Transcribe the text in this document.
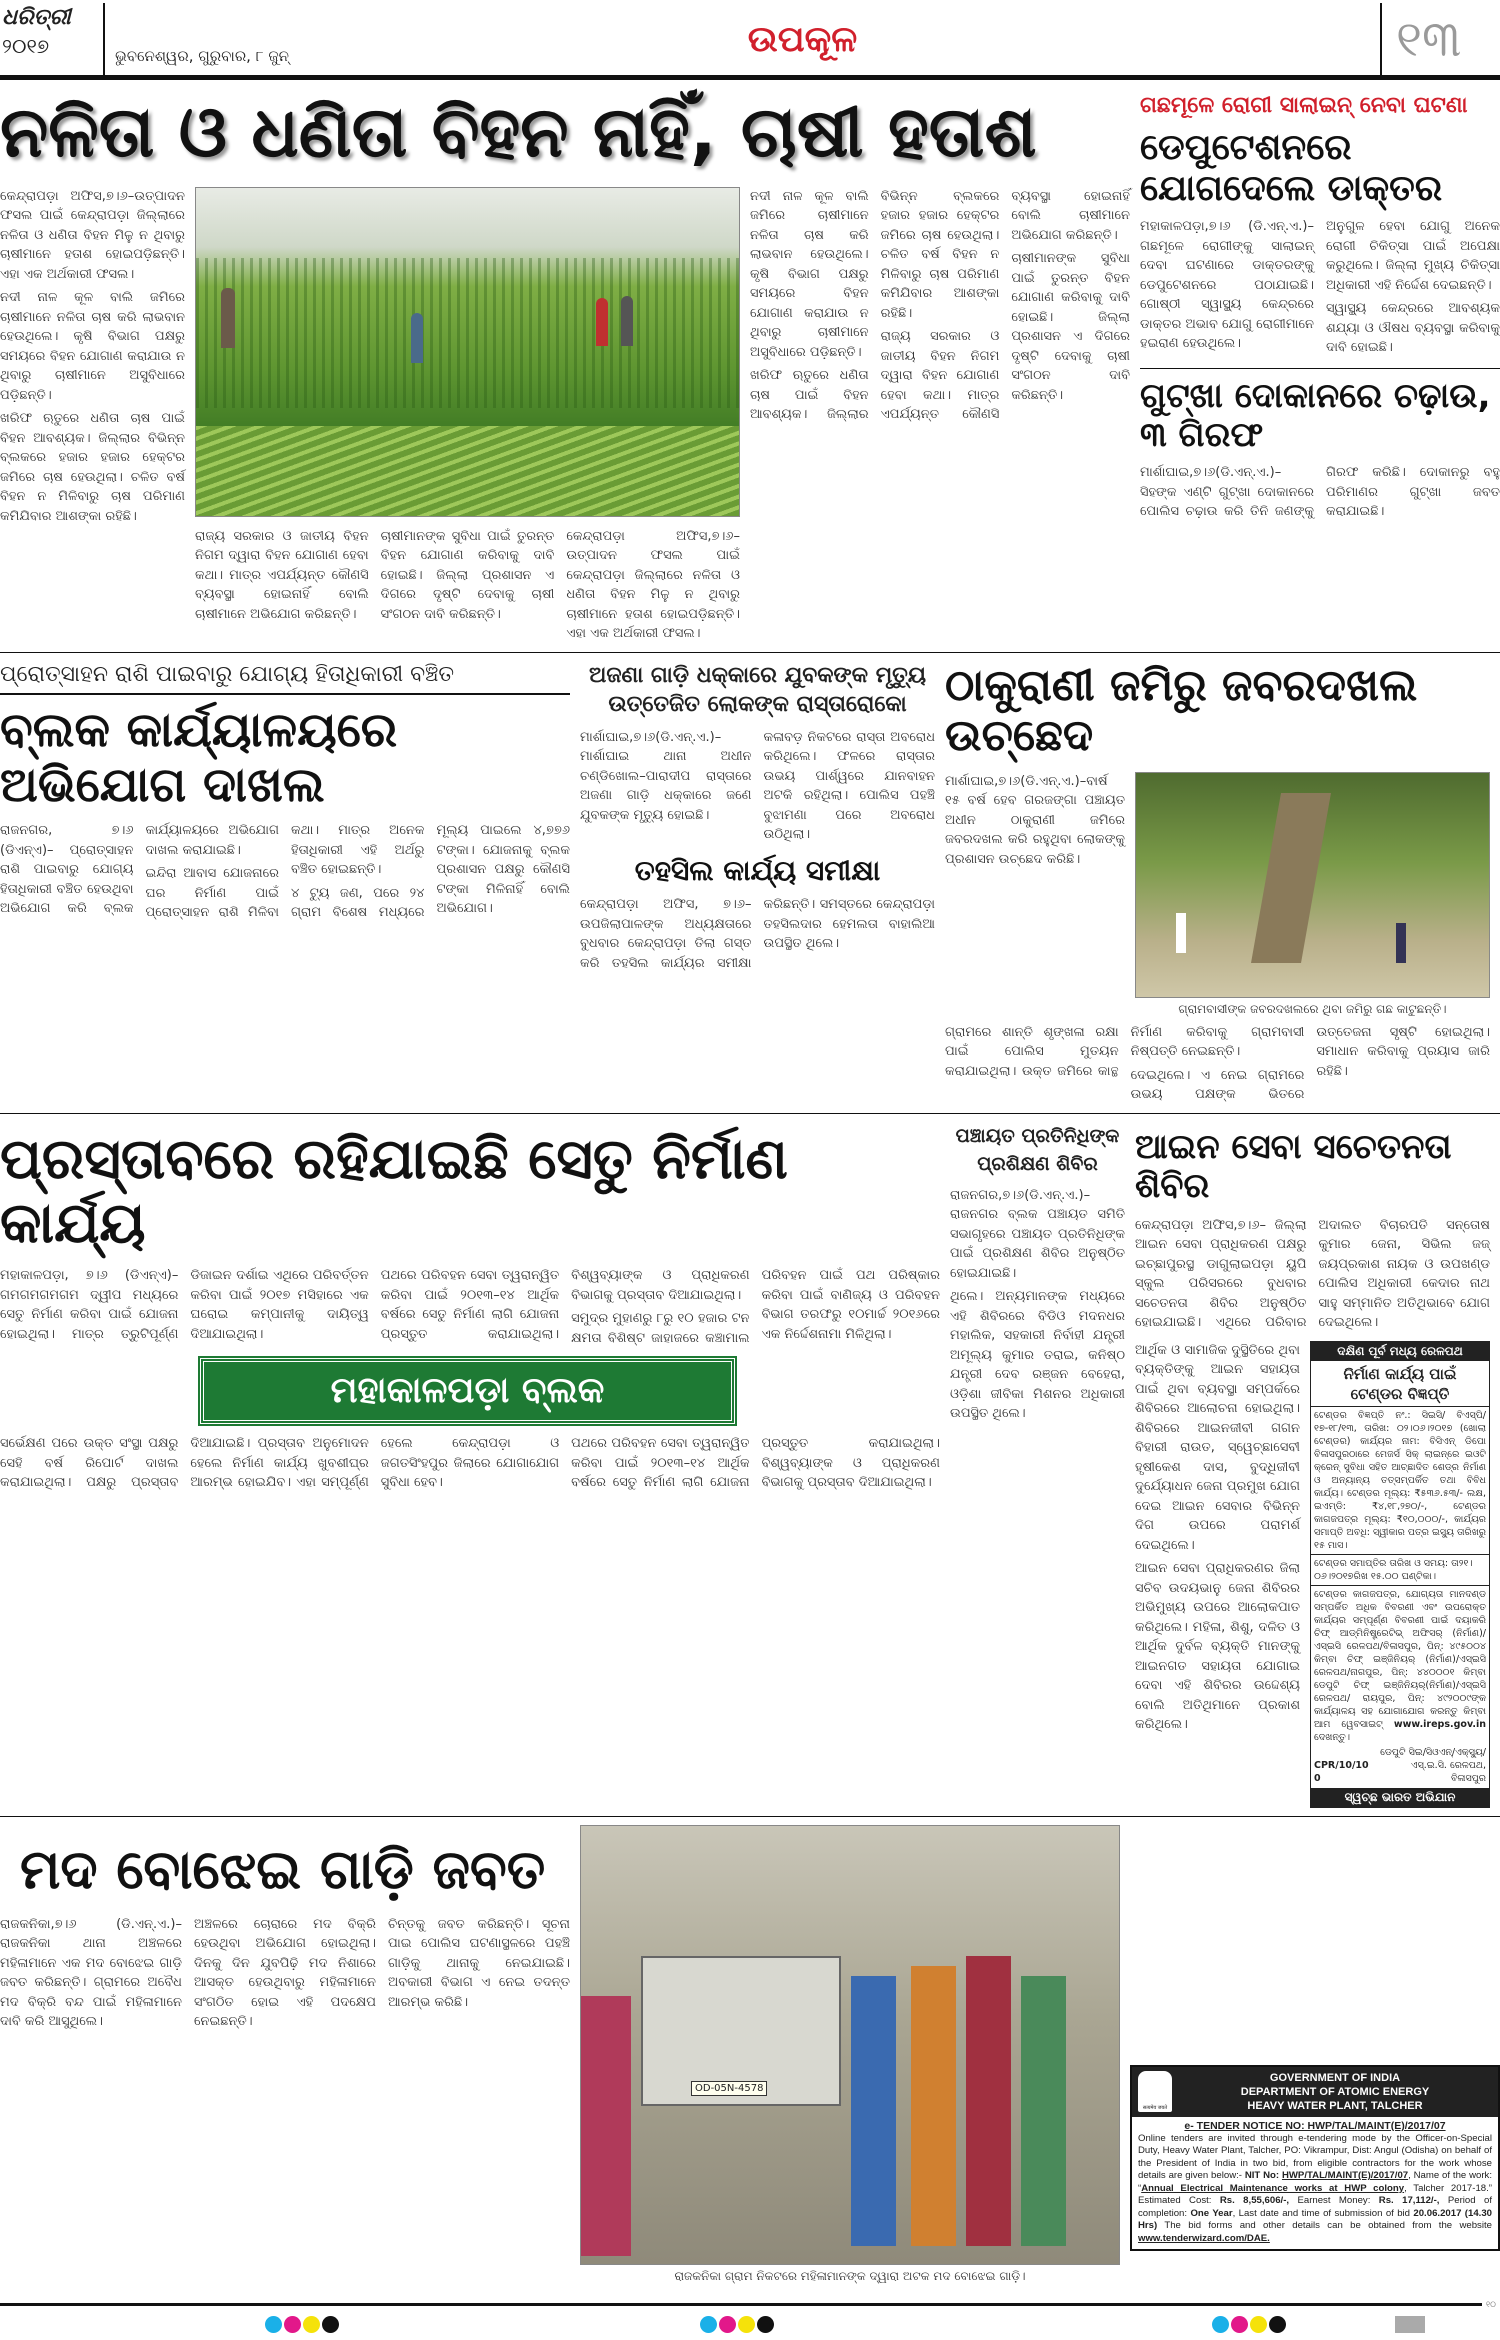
ଧରିତ୍ରୀ
୨୦୧୭	ଭୁବନେଶ୍ୱର, ଗୁରୁବାର, ୮ ଜୁନ୍	ଉପକୂଳ	୧୩
ନଳିତା ଓ ଧଣିତା ବିହନ ନାହିଁ, ଚାଷୀ ହତାଶ

କେନ୍ଦ୍ରାପଡ଼ା ଅଫିସ,୭।୬–ଉତ୍ପାଦନ ଫସଲ ପାଇଁ କେନ୍ଦ୍ରାପଡ଼ା ଜିଲ୍ଲାରେ ନଳିତା ଓ ଧଣିତା ବିହନ ମିଳୁ ନ ଥିବାରୁ ଚାଷୀମାନେ ହତାଶ ହୋଇପଡ଼ିଛନ୍ତି। ଏହା ଏକ ଅର୍ଥକାରୀ ଫସଲ।

ନଦୀ ନାଳ କୂଳ ବାଲି ଜମିରେ ଚାଷୀମାନେ ନଳିତା ଚାଷ କରି ଲାଭବାନ ହେଉଥିଲେ। କୃଷି ବିଭାଗ ପକ୍ଷରୁ ସମୟରେ ବିହନ ଯୋଗାଣ କରାଯାଉ ନ ଥିବାରୁ ଚାଷୀମାନେ ଅସୁବିଧାରେ ପଡ଼ିଛନ୍ତି।

ଖରିଫ ଋତୁରେ ଧଣିତା ଚାଷ ପାଇଁ ବିହନ ଆବଶ୍ୟକ। ଜିଲ୍ଲାର ବିଭିନ୍ନ ବ୍ଲକରେ ହଜାର ହଜାର ହେକ୍ଟର ଜମିରେ ଚାଷ ହେଉଥିଲା। ଚଳିତ ବର୍ଷ ବିହନ ନ ମିଳିବାରୁ ଚାଷ ପରିମାଣ କମିଯିବାର ଆଶଙ୍କା ରହିଛି।

ରାଜ୍ୟ ସରକାର ଓ ଜାତୀୟ ବିହନ ନିଗମ ଦ୍ୱାରା ବିହନ ଯୋଗାଣ ହେବା କଥା। ମାତ୍ର ଏପର୍ଯ୍ୟନ୍ତ କୌଣସି ବ୍ୟବସ୍ଥା ହୋଇନାହିଁ ବୋଲି ଚାଷୀମାନେ ଅଭିଯୋଗ କରିଛନ୍ତି।

ଚାଷୀମାନଙ୍କ ସୁବିଧା ପାଇଁ ତୁରନ୍ତ ବିହନ ଯୋଗାଣ କରିବାକୁ ଦାବି ହୋଇଛି। ଜିଲ୍ଲା ପ୍ରଶାସନ ଏ ଦିଗରେ ଦୃଷ୍ଟି ଦେବାକୁ ଚାଷୀ ସଂଗଠନ ଦାବି କରିଛନ୍ତି।

କେନ୍ଦ୍ରାପଡ଼ା ଅଫିସ,୭।୬–ଉତ୍ପାଦନ ଫସଲ ପାଇଁ କେନ୍ଦ୍ରାପଡ଼ା ଜିଲ୍ଲାରେ ନଳିତା ଓ ଧଣିତା ବିହନ ମିଳୁ ନ ଥିବାରୁ ଚାଷୀମାନେ ହତାଶ ହୋଇପଡ଼ିଛନ୍ତି। ଏହା ଏକ ଅର୍ଥକାରୀ ଫସଲ।

ନଦୀ ନାଳ କୂଳ ବାଲି ଜମିରେ ଚାଷୀମାନେ ନଳିତା ଚାଷ କରି ଲାଭବାନ ହେଉଥିଲେ। କୃଷି ବିଭାଗ ପକ୍ଷରୁ ସମୟରେ ବିହନ ଯୋଗାଣ କରାଯାଉ ନ ଥିବାରୁ ଚାଷୀମାନେ ଅସୁବିଧାରେ ପଡ଼ିଛନ୍ତି।

ଖରିଫ ଋତୁରେ ଧଣିତା ଚାଷ ପାଇଁ ବିହନ ଆବଶ୍ୟକ। ଜିଲ୍ଲାର ବିଭିନ୍ନ ବ୍ଲକରେ ହଜାର ହଜାର ହେକ୍ଟର ଜମିରେ ଚାଷ ହେଉଥିଲା। ଚଳିତ ବର୍ଷ ବିହନ ନ ମିଳିବାରୁ ଚାଷ ପରିମାଣ କମିଯିବାର ଆଶଙ୍କା ରହିଛି।

ରାଜ୍ୟ ସରକାର ଓ ଜାତୀୟ ବିହନ ନିଗମ ଦ୍ୱାରା ବିହନ ଯୋଗାଣ ହେବା କଥା। ମାତ୍ର ଏପର୍ଯ୍ୟନ୍ତ କୌଣସି ବ୍ୟବସ୍ଥା ହୋଇନାହିଁ ବୋଲି ଚାଷୀମାନେ ଅଭିଯୋଗ କରିଛନ୍ତି।

ଚାଷୀମାନଙ୍କ ସୁବିଧା ପାଇଁ ତୁରନ୍ତ ବିହନ ଯୋଗାଣ କରିବାକୁ ଦାବି ହୋଇଛି। ଜିଲ୍ଲା ପ୍ରଶାସନ ଏ ଦିଗରେ ଦୃଷ୍ଟି ଦେବାକୁ ଚାଷୀ ସଂଗଠନ ଦାବି କରିଛନ୍ତି।

ଗଛମୂଳେ ରୋଗୀ ସାଲାଇନ୍ ନେବା ଘଟଣା
ଡେପୁଟେଶନରେ ଯୋଗଦେଲେ ଡାକ୍ତର

ମହାକାଳପଡ଼ା,୭।୬ (ଡି.ଏନ୍.ଏ.)– ଗଛମୂଳେ ରୋଗୀଙ୍କୁ ସାଲାଇନ୍ ଦେବା ଘଟଣାରେ ଡାକ୍ତରଙ୍କୁ ଡେପୁଟେଶନରେ ପଠାଯାଇଛି। ଗୋଷ୍ଠୀ ସ୍ୱାସ୍ଥ୍ୟ କେନ୍ଦ୍ରରେ ଡାକ୍ତର ଅଭାବ ଯୋଗୁ ରୋଗୀମାନେ ହଇରାଣ ହେଉଥିଲେ।

ଅନୁଗୁଳ ହେବା ଯୋଗୁ ଅନେକ ରୋଗୀ ଚିକିତ୍ସା ପାଇଁ ଅପେକ୍ଷା କରୁଥିଲେ। ଜିଲ୍ଲା ମୁଖ୍ୟ ଚିକିତ୍ସା ଅଧିକାରୀ ଏହି ନିର୍ଦ୍ଦେଶ ଦେଇଛନ୍ତି।

ସ୍ୱାସ୍ଥ୍ୟ କେନ୍ଦ୍ରରେ ଆବଶ୍ୟକ ଶଯ୍ୟା ଓ ଔଷଧ ବ୍ୟବସ୍ଥା କରିବାକୁ ଦାବି ହୋଇଛି।

ଗୁଟ୍‌ଖା ଦୋକାନରେ ଚଢ଼ାଉ, ୩ ଗିରଫ

ମାର୍ଶାଘାଇ,୭।୬(ଡି.ଏନ୍.ଏ.)– ସିହଙ୍କ ଏଣ୍ଟି ଗୁଟ୍‌ଖା ଦୋକାନରେ ପୋଲିସ ଚଢ଼ାଉ କରି ତିନି ଜଣଙ୍କୁ ଗିରଫ କରିଛି। ଦୋକାନରୁ ବହୁ ପରିମାଣର ଗୁଟ୍‌ଖା ଜବତ କରାଯାଇଛି।

ପ୍ରୋତ୍ସାହନ ରାଶି ପାଇବାରୁ ଯୋଗ୍ୟ ହିତାଧିକାରୀ ବଞ୍ଚିତ
ବ୍ଲକ କାର୍ଯ୍ୟାଳୟରେ ଅଭିଯୋଗ ଦାଖଲ

ରାଜନଗର, ୭।୬ (ଡିଏନ୍‌ଏ)– ପ୍ରୋତ୍ସାହନ ରାଶି ପାଇବାରୁ ଯୋଗ୍ୟ ହିତାଧିକାରୀ ବଞ୍ଚିତ ହେଉଥିବା ଅଭିଯୋଗ କରି ବ୍ଲକ କାର୍ଯ୍ୟାଳୟରେ ଅଭିଯୋଗ ଦାଖଲ କରାଯାଇଛି।

ଇନ୍ଦିରା ଆବାସ ଯୋଜନାରେ ଘର ନିର୍ମାଣ ପାଇଁ ପ୍ରୋତ୍ସାହନ ରାଶି ମିଳିବା କଥା। ମାତ୍ର ଅନେକ ହିତାଧିକାରୀ ଏହି ଅର୍ଥରୁ ବଞ୍ଚିତ ହୋଇଛନ୍ତି।

୪ ଟ୍ୟୁ ଜଣ, ପରେ ୨୪ ଗ୍ରାମ ବିଶେଷ ମଧ୍ୟରେ ମୂଲ୍ୟ ପାଇଲେ ୪,୭୭୬ ଟଙ୍କା। ଯୋଜନାକୁ ବ୍ଲକ ପ୍ରଶାସନ ପକ୍ଷରୁ କୌଣସି ଟଙ୍କା ମିଳିନାହିଁ ବୋଲି ଅଭିଯୋଗ।

ଅଜଣା ଗାଡ଼ି ଧକ୍କାରେ ଯୁବକଙ୍କ ମୃତ୍ୟୁ
ଉତ୍ତେଜିତ ଲୋକଙ୍କ ରାସ୍ତାରୋକୋ

ମାର୍ଶାଘାଇ,୭।୬(ଡି.ଏନ୍.ଏ.)– ମାର୍ଶାଘାଇ ଥାନା ଅଧୀନ ଚଣ୍ଡିଖୋଲ–ପାରାଦୀପ ରାସ୍ତାରେ ଅଜଣା ଗାଡ଼ି ଧକ୍କାରେ ଜଣେ ଯୁବକଙ୍କ ମୃତ୍ୟୁ ହୋଇଛି।

କଳାବଡ଼ ନିକଟରେ ରାସ୍ତା ଅବରୋଧ କରିଥିଲେ। ଫଳରେ ରାସ୍ତାର ଉଭୟ ପାର୍ଶ୍ୱରେ ଯାନବାହନ ଅଟକି ରହିଥିଲା। ପୋଲିସ ପହଞ୍ଚି ବୁଝାମଣା ପରେ ଅବରୋଧ ଉଠିଥିଲା।

ତହସିଲ କାର୍ଯ୍ୟ ସମୀକ୍ଷା

କେନ୍ଦ୍ରାପଡ଼ା ଅଫିସ, ୭।୬– ଉପଜିଲାପାଳଙ୍କ ଅଧ୍ୟକ୍ଷତାରେ ବୁଧବାର କେନ୍ଦ୍ରାପଡ଼ା ତିଲା ଗସ୍ତ କରି ତହସିଲ କାର୍ଯ୍ୟର ସମୀକ୍ଷା କରିଛନ୍ତି। ସମସ୍ତରେ କେନ୍ଦ୍ରାପଡ଼ା ତହସିଲଦାର ହେମଲତା ବାହାଲିଆ ଉପସ୍ଥିତ ଥିଲେ।

ଠାକୁରାଣୀ ଜମିରୁ ଜବରଦଖଲ ଉଚ୍ଛେଦ

ମାର୍ଶାଘାଇ,୭।୬(ଡି.ଏନ୍.ଏ.)–ବାର୍ଷ ୧୫ ବର୍ଷ ହେବ ଗରଜଙ୍ଗା ପଞ୍ଚାୟତ ଅଧୀନ ଠାକୁରାଣୀ ଜମିରେ ଜବରଦଖଲ କରି ରହୁଥିବା ଲୋକଙ୍କୁ ପ୍ରଶାସନ ଉଚ୍ଛେଦ କରିଛି।

ଗ୍ରାମବାସୀଙ୍କ ଜବରଦଖଲରେ ଥିବା ଜମିରୁ ଗଛ କାଟୁଛନ୍ତି।

ଗ୍ରାମରେ ଶାନ୍ତି ଶୃଙ୍ଖଳା ରକ୍ଷା ପାଇଁ ପୋଲିସ ମୁତୟନ କରାଯାଇଥିଲା। ଉକ୍ତ ଜମିରେ କାନ୍ଥ ନିର୍ମାଣ କରିବାକୁ ଗ୍ରାମବାସୀ ନିଷ୍ପତ୍ତି ନେଇଛନ୍ତି।

ଦେଇଥିଲେ। ଏ ନେଇ ଗ୍ରାମରେ ଉଭୟ ପକ୍ଷଙ୍କ ଭିତରେ ଉତ୍ତେଜନା ସୃଷ୍ଟି ହୋଇଥିଲା। ସମାଧାନ କରିବାକୁ ପ୍ରୟାସ ଜାରି ରହିଛି।

ପ୍ରସ୍ତାବରେ ରହିଯାଇଛି ସେତୁ ନିର୍ମାଣ କାର୍ଯ୍ୟ

ମହାକାଳପଡ଼ା, ୭।୬ (ଡିଏନ୍‌ଏ)– ଗମଗମଗମଗମ ଦ୍ୱୀପ ମଧ୍ୟରେ ସେତୁ ନିର୍ମାଣ କରିବା ପାଇଁ ଯୋଜନା ହୋଇଥିଲା। ମାତ୍ର ତ୍ରୁଟିପୂର୍ଣ୍ଣ ଡିଜାଇନ ଦର୍ଶାଇ ଏଥିରେ ପରିବର୍ତ୍ତନ କରିବା ପାଇଁ ୨୦୧୭ ମସିହାରେ ଏକ ଘରୋଇ କମ୍ପାନୀକୁ ଦାୟିତ୍ୱ ଦିଆଯାଇଥିଲା।

ପଥରେ ପରିବହନ ସେବା ତ୍ୱରାନ୍ୱିତ କରିବା ପାଇଁ ୨୦୧୩–୧୪ ଆର୍ଥିକ ବର୍ଷରେ ସେତୁ ନିର୍ମାଣ ଲାଗି ଯୋଜନା ପ୍ରସ୍ତୁତ କରାଯାଇଥିଲା। ବିଶ୍ୱବ୍ୟାଙ୍କ ଓ ପ୍ରାଧିକରଣ ବିଭାଗକୁ ପ୍ରସ୍ତାବ ଦିଆଯାଇଥିଲା।

ସମୁଦ୍ର ମୁହାଣରୁ ୮ରୁ ୧୦ ହଜାର ଟନ କ୍ଷମତା ବିଶିଷ୍ଟ ଜାହାଜରେ କଞ୍ଚାମାଲ ପରିବହନ ପାଇଁ ପଥ ପରିଷ୍କାର କରିବା ପାଇଁ ବାଣିଜ୍ୟ ଓ ପରିବହନ ବିଭାଗ ତରଫରୁ ୧୦ମାର୍ଚ୍ଚ ୨୦୧୬ରେ ଏକ ନିର୍ଦ୍ଦେଶନାମା ମିଳିଥିଲା।

ମହାକାଳପଡ଼ା ବ୍ଲକ

ସର୍ଭେକ୍ଷଣ ପରେ ଉକ୍ତ ସଂସ୍ଥା ପକ୍ଷରୁ ସେହି ବର୍ଷ ରିପୋର୍ଟ ଦାଖଲ କରାଯାଇଥିଲା। ପକ୍ଷରୁ ପ୍ରସ୍ତାବ ଦିଆଯାଇଛି। ପ୍ରସ୍ତାବ ଅନୁମୋଦନ ହେଲେ ନିର୍ମାଣ କାର୍ଯ୍ୟ ଖୁବଶୀଘ୍ର ଆରମ୍ଭ ହୋଇଯିବ। ଏହା ସମ୍ପୂର୍ଣ୍ଣ ହେଲେ କେନ୍ଦ୍ରାପଡ଼ା ଓ ଜଗତସିଂହପୁର ଜିଲାରେ ଯୋଗାଯୋଗ ସୁବିଧା ହେବ।

ପଥରେ ପରିବହନ ସେବା ତ୍ୱରାନ୍ୱିତ କରିବା ପାଇଁ ୨୦୧୩–୧୪ ଆର୍ଥିକ ବର୍ଷରେ ସେତୁ ନିର୍ମାଣ ଲାଗି ଯୋଜନା ପ୍ରସ୍ତୁତ କରାଯାଇଥିଲା। ବିଶ୍ୱବ୍ୟାଙ୍କ ଓ ପ୍ରାଧିକରଣ ବିଭାଗକୁ ପ୍ରସ୍ତାବ ଦିଆଯାଇଥିଲା।

ପଞ୍ଚାୟତ ପ୍ରତିନିଧିଙ୍କ ପ୍ରଶିକ୍ଷଣ ଶିବିର

ରାଜନଗର,୭।୬(ଡି.ଏନ୍.ଏ.)– ରାଜନଗର ବ୍ଲକ ପଞ୍ଚାୟତ ସମିତି ସଭାଗୃହରେ ପଞ୍ଚାୟତ ପ୍ରତିନିଧିଙ୍କ ପାଇଁ ପ୍ରଶିକ୍ଷଣ ଶିବିର ଅନୁଷ୍ଠିତ ହୋଇଯାଇଛି।

ଥିଲେ। ଅନ୍ୟମାନଙ୍କ ମଧ୍ୟରେ ଏହି ଶିବିରରେ ବିଡିଓ ମଦନଧର ମହାଲିକ, ସହକାରୀ ନିର୍ବାହୀ ଯନ୍ତ୍ରୀ ଅମୂଲ୍ୟ କୁମାର ତରାଇ, କନିଷ୍ଠ ଯନ୍ତ୍ରୀ ଦେବ ରଞ୍ଜନ ବେହେରା, ଓଡ଼ିଶା ଜୀବିକା ମିଶନର ଅଧିକାରୀ ଉପସ୍ଥିତ ଥିଲେ।

ଆଇନ ସେବା ସଚେତନତା ଶିବିର

କେନ୍ଦ୍ରାପଡ଼ା ଅଫିସ,୭।୬– ଜିଲ୍ଲା ଆଇନ ସେବା ପ୍ରାଧିକରଣ ପକ୍ଷରୁ ଇଚ୍ଛାପୁରସ୍ଥ ଡାଗୁଲାଇପଡ଼ା ୟୁପି ସ୍କୁଲ ପରିସରରେ ବୁଧବାର ସଚେତନତା ଶିବିର ଅନୁଷ୍ଠିତ ହୋଇଯାଇଛି। ଏଥିରେ ପରିବାର ଅଦାଲତ ବିଚାରପତି ସନ୍ତୋଷ କୁମାର ଜେନା, ସିଭିଲ ଜଜ୍ ଜୟପ୍ରକାଶ ନାୟକ ଓ ଉପଖଣ୍ଡ ପୋଲିସ ଅଧିକାରୀ କେଦାର ନାଥ ସାହୁ ସମ୍ମାନିତ ଅତିଥିଭାବେ ଯୋଗ ଦେଇଥିଲେ।

ଆର୍ଥିକ ଓ ସାମାଜିକ ଦୁସ୍ଥିତିରେ ଥିବା ବ୍ୟକ୍ତିଙ୍କୁ ଆଇନ ସହାୟତା ପାଇଁ ଥିବା ବ୍ୟବସ୍ଥା ସମ୍ପର୍କରେ ଶିବିରରେ ଆଲୋଚନା ହୋଇଥିଲା। ଶିବିରରେ ଆଇନଜୀବୀ ଗଗନ ବିହାରୀ ରାଉତ, ସ୍ୱେଚ୍ଛାସେବୀ ହୃଷୀକେଶ ଦାସ, ବୁଦ୍ଧିଜୀବୀ ଦୁର୍ଯ୍ୟୋଧନ ଜେନା ପ୍ରମୁଖ ଯୋଗ ଦେଇ ଆଇନ ସେବାର ବିଭିନ୍ନ ଦିଗ ଉପରେ ପରାମର୍ଶ ଦେଇଥିଲେ।

ଆଇନ ସେବା ପ୍ରାଧିକରଣର ଜିଲା ସଚିବ ଉଦୟଭାନୁ ଜେନା ଶିବିରର ଅଭିମୁଖ୍ୟ ଉପରେ ଆଲୋକପାତ କରିଥିଲେ। ମହିଳା, ଶିଶୁ, ଦଳିତ ଓ ଆର୍ଥିକ ଦୁର୍ବଳ ବ୍ୟକ୍ତି ମାନଙ୍କୁ ଆଇନଗତ ସହାୟତା ଯୋଗାଇ ଦେବା ଏହି ଶିବିରର ଉଦ୍ଦେଶ୍ୟ ବୋଲି ଅତିଥିମାନେ ପ୍ରକାଶ କରିଥିଲେ।

ଦକ୍ଷିଣ ପୂର୍ବ ମଧ୍ୟ ରେଳପଥ
ନିର୍ମାଣ କାର୍ଯ୍ୟ ପାଇଁ
ଟେଣ୍ଡର ବିଜ୍ଞପ୍ତି
ଟେଣ୍ଡର ବିଜ୍ଞପ୍ତି ନଂ.: ସିଇସି/ ବିଏସ୍‌ପି/୧୭-୧୮/୧୩, ତାରିଖ: ୦୨।୦୬।୨୦୧୭ (ଖୋଲା ଟେଣ୍ଡର) କାର୍ଯ୍ୟର ନାମ: ବିସିଏନ୍ ଡିପୋ ବିଳାସପୁରଠାରେ ମେଜର୍ସ ସିକ୍ ଲାଇନ୍‌ରେ ଇଓଟି କ୍ରେନ୍ ସୁବିଧା ସହିତ ଆଚ୍ଛାଦିତ ଶେଡ୍‌ର ନିର୍ମାଣ ଓ ଅନ୍ୟାନ୍ୟ ତତ୍‌ସମ୍ପର୍କିତ ତଥା ବିବିଧ କାର୍ଯ୍ୟ। ଟେଣ୍ଡର ମୂଲ୍ୟ: ₹୫୩୬.୫୩/- ଲକ୍ଷ, ଇଏମ୍‌ଡି: ₹୪,୧୮,୨୭୦/-, ଟେଣ୍ଡର କାଗଜପତ୍ର ମୂଲ୍ୟ: ₹୧୦,୦୦୦/-, କାର୍ଯ୍ୟର ସମାପ୍ତି ଅବଧି: ସ୍ୱୀକାର ପତ୍ର ଇସ୍ୟୁ ତାରିଖରୁ ୧୫ ମାସ।
ଟେଣ୍ଡର ସମାପ୍ତିର ତାରିଖ ଓ ସମୟ: ତା୨୧।୦୬।୨୦୧୭ରିଖ ୧୫.୦୦ ଘଣ୍ଟିକା।
ଟେଣ୍ଡର କାଗଜପତ୍ର, ଯୋଗ୍ୟତା ମାନଦଣ୍ଡ ସମ୍ପର୍କିତ ଅଧିକ ବିବରଣୀ ଏବଂ ଉପରୋକ୍ତ କାର୍ଯ୍ୟର ସମ୍ପୂର୍ଣ୍ଣ ବିବରଣୀ ପାଇଁ ଦୟାକରି ଚିଫ୍ ଆଡ୍‌ମିନିଷ୍ଟ୍ରେଟିଭ୍ ଅଫିସର୍ (ନିର୍ମାଣ)/ଏସ୍‌ଇସି ରେଳପଥ/ବିଳାସପୁର, ପିନ୍: ୪୯୫୦୦୪ କିମ୍ବା ଚିଫ୍ ଇଞ୍ଜିନିୟର୍ (ନିର୍ମାଣ)/ଏସ୍‌ଇସି ରେଳପଥ/ନାଗପୁର, ପିନ୍: ୪୪୦୦୦୧ କିମ୍ବା ଡେପୁଟି ଚିଫ୍ ଇଞ୍ଜିନିୟର୍(ନିର୍ମାଣ)/ଏସ୍‌ଇସି ରେଳପଥ/ ରାୟପୁର, ପିନ୍: ୪୯୨୦୦୯ଙ୍କ କାର୍ଯ୍ୟାଳୟ ସହ ଯୋଗାଯୋଗ କରନ୍ତୁ କିମ୍ବା ଆମ ୱେବସାଇଟ୍ www.ireps.gov.in ଦେଖନ୍ତୁ।
ଡେପୁଟି ସିଇ/ସିଓଏନ୍/ଏକ୍ସ୍ୟୁ/
CPR/10/100
ଏସ୍.ଇ.ସି. ରେଳପଥ, ବିଳାସପୁର
ସ୍ୱଚ୍ଛ ଭାରତ ଅଭିଯାନ
ମଦ ବୋଝେଇ ଗାଡ଼ି ଜବତ

ରାଜକନିକା,୭।୬ (ଡି.ଏନ୍.ଏ.)– ରାଜକନିକା ଥାନା ଅଞ୍ଚଳରେ ମହିଳାମାନେ ଏକ ମଦ ବୋଝେଇ ଗାଡ଼ି ଜବତ କରିଛନ୍ତି। ଗ୍ରାମରେ ଅବୈଧ ମଦ ବିକ୍ରି ବନ୍ଦ ପାଇଁ ମହିଳାମାନେ ଦାବି କରି ଆସୁଥିଲେ।

ଅଞ୍ଚଳରେ ଚୋରାରେ ମଦ ବିକ୍ରି ହେଉଥିବା ଅଭିଯୋଗ ହୋଇଥିଲା। ଦିନକୁ ଦିନ ଯୁବପିଢ଼ି ମଦ ନିଶାରେ ଆସକ୍ତ ହେଉଥିବାରୁ ମହିଳାମାନେ ସଂଗଠିତ ହୋଇ ଏହି ପଦକ୍ଷେପ ନେଇଛନ୍ତି।

ଚିନ୍ତକୁ ଜବତ କରିଛନ୍ତି। ସୂଚନା ପାଇ ପୋଲିସ ଘଟଣାସ୍ଥଳରେ ପହଞ୍ଚି ଗାଡ଼ିକୁ ଥାନାକୁ ନେଇଯାଇଛି। ଅବକାରୀ ବିଭାଗ ଏ ନେଇ ତଦନ୍ତ ଆରମ୍ଭ କରିଛି।

OD-05N-4578
ରାଜକନିକା ଗ୍ରାମ ନିକଟରେ ମହିଳାମାନଙ୍କ ଦ୍ୱାରା ଅଟକ ମଦ ବୋଝେଇ ଗାଡ଼ି।
सत्यमेव जयते
GOVERNMENT OF INDIA
DEPARTMENT OF ATOMIC ENERGY
HEAVY WATER PLANT, TALCHER
e- TENDER NOTICE NO: HWP/TAL/MAINT(E)/2017/07
Online tenders are invited through e-tendering mode by the Officer-on-Special Duty, Heavy Water Plant, Talcher, PO: Vikrampur, Dist: Angul (Odisha) on behalf of the President of India in two bid, from eligible contractors for the work whose details are given below:- NIT No: HWP/TAL/MAINT(E)/2017/07, Name of the work: “Annual Electrical Maintenance works at HWP colony, Talcher 2017-18.” Estimated Cost: Rs. 8,55,606/-, Earnest Money: Rs. 17,112/-, Period of completion: One Year, Last date and time of submission of bid 20.06.2017 (14.30 Hrs) The bid forms and other details can be obtained from the website www.tenderwizard.com/DAE.
୧୦
